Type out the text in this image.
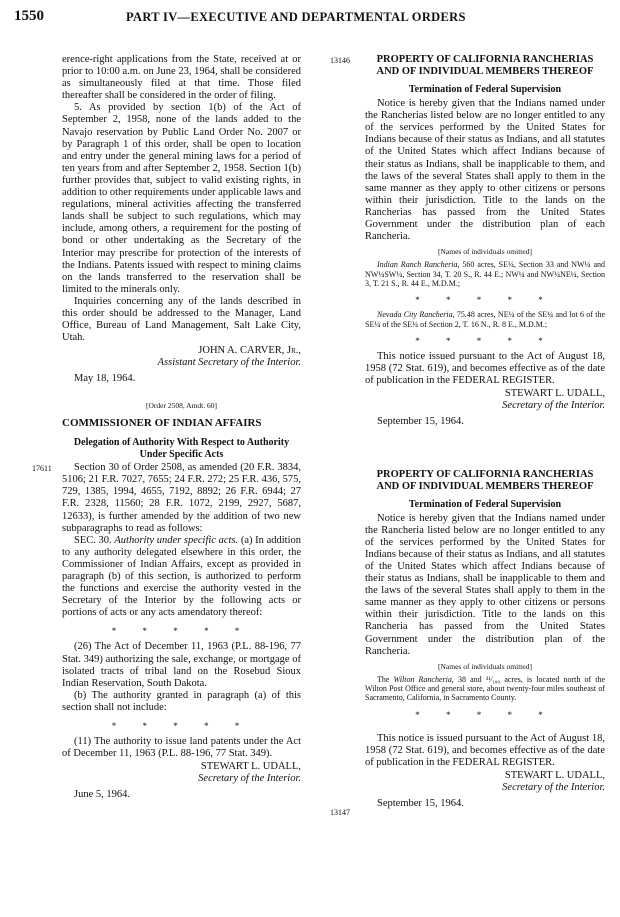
1550	PART IV—EXECUTIVE AND DEPARTMENTAL ORDERS

erence-right applications from the State, received at or prior to 10:00 a.m. on June 23, 1964, shall be considered as simultaneously filed at that time. Those filed thereafter shall be considered in the order of filing.

5. As provided by section 1(b) of the Act of September 2, 1958, none of the lands added to the Navajo reservation by Public Land Order No. 2007 or by Paragraph 1 of this order, shall be open to location and entry under the general mining laws for a period of ten years from and after September 2, 1958. Section 1(b) further provides that, subject to valid existing rights, in addition to other requirements under applicable laws and regulations, mineral activities affecting the transferred lands shall be subject to such regulations, which may include, among others, a requirement for the posting of bond or other undertaking as the Secretary of the Interior may prescribe for protection of the interests of the Indians. Patents issued with respect to mining claims on the lands transferred to the reservation shall be limited to the minerals only.

Inquiries concerning any of the lands described in this order should be addressed to the Manager, Land Office, Bureau of Land Management, Salt Lake City, Utah.

JOHN A. CARVER, Jr.,

Assistant Secretary of the Interior.

May 18, 1964.

[Order 2508, Amdt. 60]

COMMISSIONER OF INDIAN AFFAIRS

Delegation of Authority With Respect to Authority Under Specific Acts

Section 30 of Order 2508, as amended (20 F.R. 3834, 5106; 21 F.R. 7027, 7655; 24 F.R. 272; 25 F.R. 436, 575, 729, 1385, 1994, 4655, 7192, 8892; 26 F.R. 6944; 27 F.R. 2328, 11560; 28 F.R. 1072, 2199, 2927, 5687, 12633), is further amended by the addition of two new subparagraphs to read as follows:

SEC. 30. Authority under specific acts. (a) In addition to any authority delegated elsewhere in this order, the Commissioner of Indian Affairs, except as provided in paragraph (b) of this section, is authorized to perform the functions and exercise the authority vested in the Secretary of the Interior by the following acts or portions of acts or any acts amendatory thereof:

* * * * *

(26) The Act of December 11, 1963 (P.L. 88-196, 77 Stat. 349) authorizing the sale, exchange, or mortgage of isolated tracts of tribal land on the Rosebud Sioux Indian Reservation, South Dakota.

(b) The authority granted in paragraph (a) of this section shall not include:

* * * * *

(11) The authority to issue land patents under the Act of December 11, 1963 (P.L. 88-196, 77 Stat. 349).

STEWART L. UDALL,

Secretary of the Interior.

June 5, 1964.

17611
13146	PROPERTY OF CALIFORNIA RANCHERIAS AND OF INDIVIDUAL MEMBERS THEREOF

Termination of Federal Supervision

Notice is hereby given that the Indians named under the Rancherias listed below are no longer entitled to any of the services performed by the United States for Indians because of their status as Indians, and all statutes of the United States which affect Indians because of their status as Indians, shall be inapplicable to them, and the laws of the several States shall apply to them in the same manner as they apply to other citizens or persons within their jurisdiction. Title to the lands on the Rancherias has passed from the United States Government under the distribution plan of each Rancheria.

[Names of individuals omitted]

Indian Ranch Rancheria, 560 acres, SE¼, Section 33 and NW¼ and NW¼SW¼, Section 34, T. 20 S., R. 44 E.; NW¼ and NW¼NE¼, Section 3, T. 21 S., R. 44 E., M.D.M.;

* * * * *

Nevada City Rancheria, 75.48 acres, NE¼ of the SE¼ and lot 6 of the SE¼ of the SE¼ of Section 2, T. 16 N., R. 8 E., M.D.M.;

* * * * *

This notice issued pursuant to the Act of August 18, 1958 (72 Stat. 619), and becomes effective as of the date of publication in the FEDERAL REGISTER.

STEWART L. UDALL,

Secretary of the Interior.

September 15, 1964.

PROPERTY OF CALIFORNIA RANCHERIAS AND OF INDIVIDUAL MEMBERS THEREOF

Termination of Federal Supervision

Notice is hereby given that the Indians named under the Rancheria listed below are no longer entitled to any of the services performed by the United States for Indians because of their status as Indians, and all statutes of the United States which affect Indians because of their status as Indians, shall be inapplicable to them and the laws of the several States shall apply to them in the same manner as they apply to other citizens or persons within their jurisdiction. Title to the lands on this Rancheria has passed from the United States Government under the distribution plan of the Rancheria.

[Names of individuals omitted]

The Wilton Rancheria, 38 and ³¹⁄₁₀₀ acres, is located north of the Wilton Post Office and general store, about twenty-four miles southeast of Sacramento, California, in Sacramento County.

* * * * *

This notice is issued pursuant to the Act of August 18, 1958 (72 Stat. 619), and becomes effective as of the date of publication in the FEDERAL REGISTER.

STEWART L. UDALL,

Secretary of the Interior.

September 15, 1964.

13147
